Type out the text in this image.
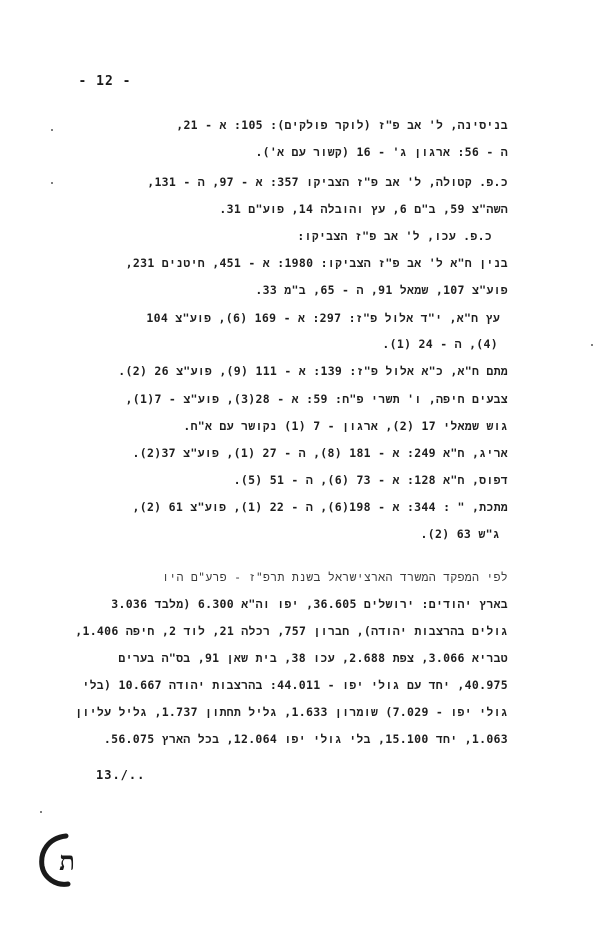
- 12 -
בניסינה, ל' אב פ"ז (לוקר פולקים): 105: א - 21,
ה - 56: ארגון ג' - 16 (קשור עם א').
כ.פ. קטולה, ל' אב פ"ז הצביקו 357: א - 97, ה - 131,
השה"צ 59, ב"ם 6, עץ והובלה 14, פוע"ם 31.
כ.פ. עכו, ל' אב פ"ז הצביקו:
בנין ח"א ל' אב פ"ז הצביקו: 1980: א - 451, חיטנים 231,
פוע"צ 107, שמאל 91, ה - 65, ב"מ 33.
עץ ח"א, י"ד אלול פ"ז: 297: א - 169 (6), פוע"צ 104
(4), ה - 24 (1).
מתם ח"א, כ"א אלול פ"ז: 139: א - 111 (9), פוע"צ 26 (2).
צבעים חיפה, ו' תשרי פ"ח: 59: א - 28(3), פוע"צ - 7(1),
גוש שמאלי 17 (2), ארגון - 7 (1) נקושר עם א"ח.
אריג, ח"א 249: א - 181 (8), ה - 27 (1), פוע"צ 37(2).
דפוס, ח"א 128: א - 73 (6), ה - 51 (5).
מתכת, " : 344: א - 198(6), ה - 22 (1), פוע"צ 61 (2),
ג"ש 63 (2).
לפי המפקד המשרד הארצישראל בשנת תרפ"ז - פרע"ם היו
בארץ יהודים: ירושלים 36.605, יפו וה"א 6.300 (מלבד 3.036
גולים בהרצבות יהודה), חברון 757, רכלה 21, לוד 2, חיפה 1.406,
טבריא 3.066, צפת 2.688, עכו 38, בית שאן 91, בס"ה בערים
40.975, יחד עם גולי יפו - 44.011: בהרצבות יהודה 10.667 (בלי
גולי יפו - 7.029) שומרון 1.633, גליל תחתון 1.737, גליל עליון
1.063, יחד 15.100, בלי גולי יפו 12.064, בכל הארץ 56.075.
13./..
ת
